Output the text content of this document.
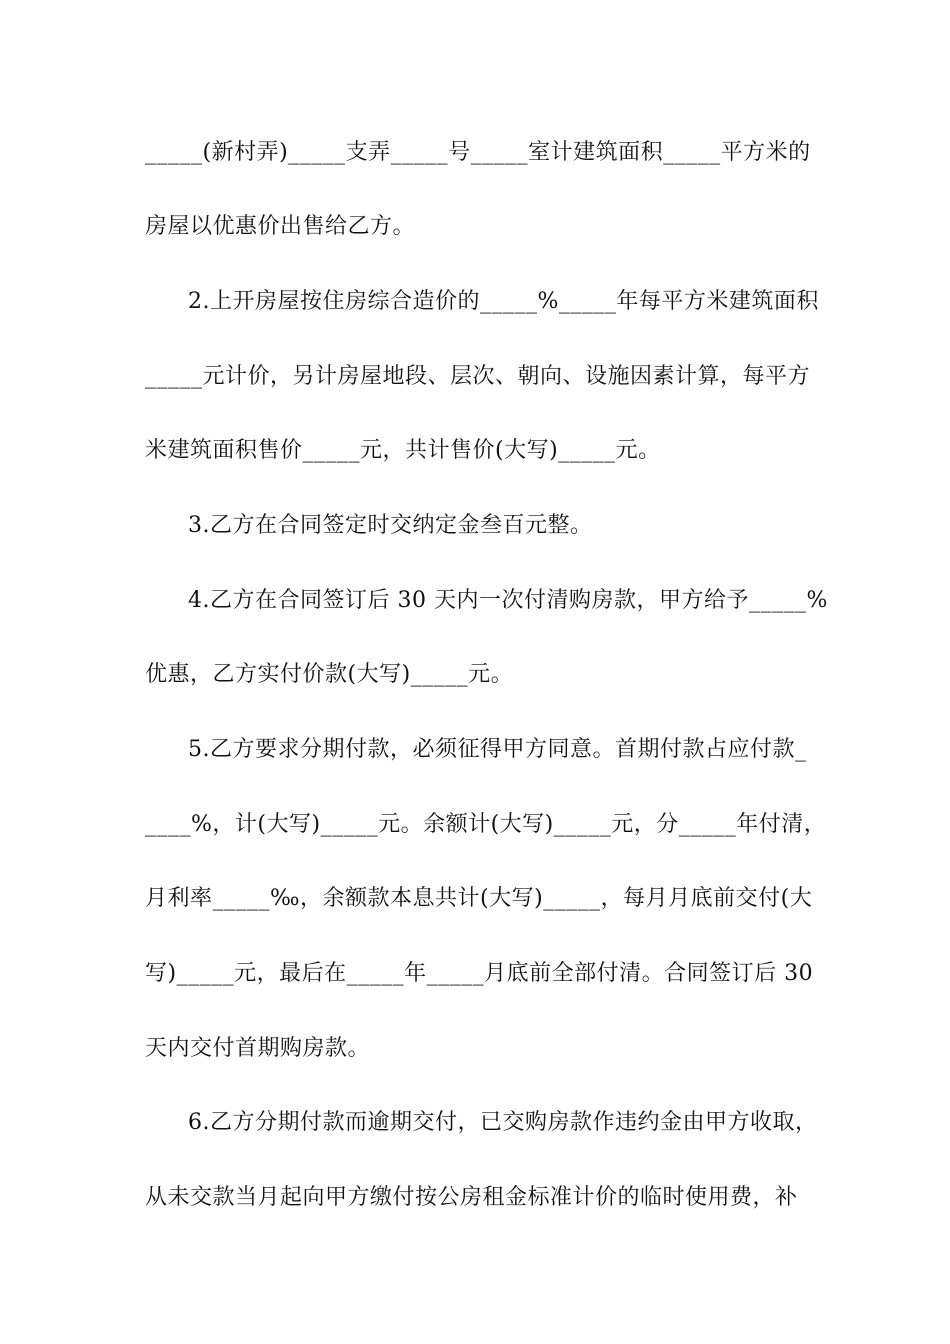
_____(新村弄)_____支弄_____号_____室计建筑面积_____平方米的
房屋以优惠价出售给乙方。
2.上开房屋按住房综合造价的_____%_____年每平方米建筑面积
_____元计价，另计房屋地段、层次、朝向、设施因素计算，每平方
米建筑面积售价_____元，共计售价(大写)_____元。
3.乙方在合同签定时交纳定金叁百元整。
4.乙方在合同签订后 30 天内一次付清购房款，甲方给予_____%
优惠，乙方实付价款(大写)_____元。
5.乙方要求分期付款，必须征得甲方同意。首期付款占应付款_
____%，计(大写)_____元。余额计(大写)_____元，分_____年付清，
月利率_____‰，余额款本息共计(大写)_____，每月月底前交付(大
写)_____元，最后在_____年_____月底前全部付清。合同签订后 30
天内交付首期购房款。
6.乙方分期付款而逾期交付，已交购房款作违约金由甲方收取，
从未交款当月起向甲方缴付按公房租金标准计价的临时使用费，补
